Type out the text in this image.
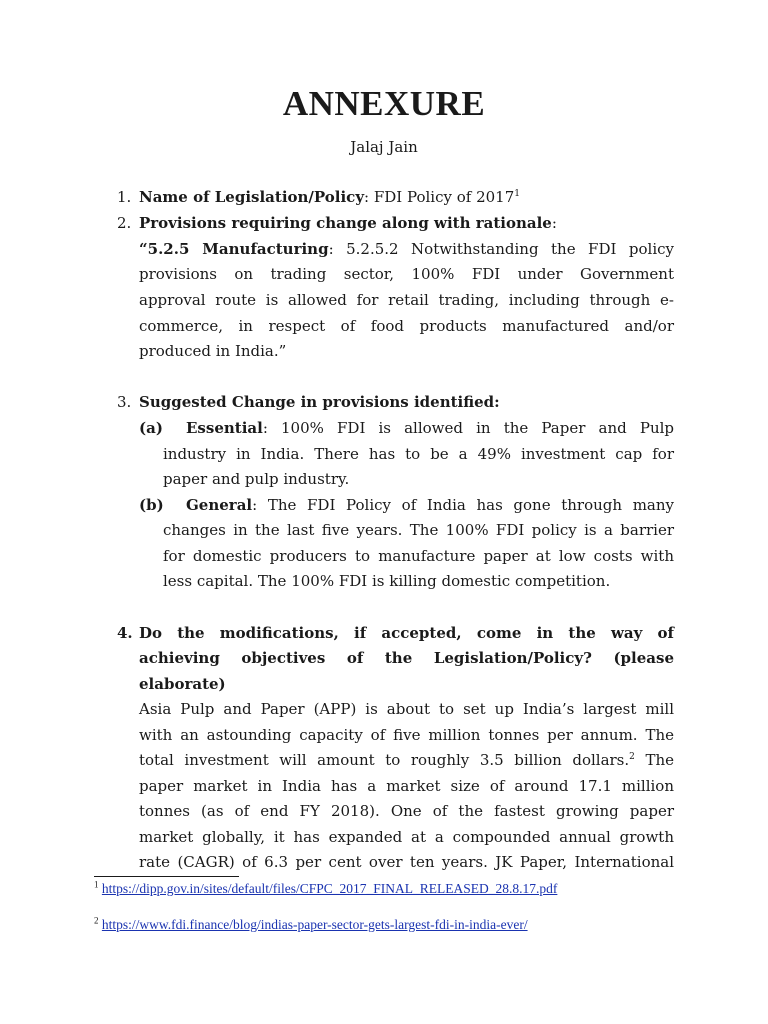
ANNEXURE
Jalaj Jain
1. Name of Legislation/Policy: FDI Policy of 2017$^1$
2. Provisions requiring change along with rationale:
“5.2.5 Manufacturing: 5.2.5.2 Notwithstanding the FDI policy
provisions on trading sector, 100% FDI under Government
approval route is allowed for retail trading, including through e-
commerce, in respect of food products manufactured and/or
produced in India.”
3. Suggested Change in provisions identified:
(a) Essential: 100% FDI is allowed in the Paper and Pulp
industry in India. There has to be a 49% investment cap for
paper and pulp industry.
(b) General: The FDI Policy of India has gone through many
changes in the last five years. The 100% FDI policy is a barrier
for domestic producers to manufacture paper at low costs with
less capital. The 100% FDI is killing domestic competition.
4. Do the modifications, if accepted, come in the way of
achieving objectives of the Legislation/Policy? (please
elaborate)
Asia Pulp and Paper (APP) is about to set up India’s largest mill
with an astounding capacity of five million tonnes per annum. The
total investment will amount to roughly 3.5 billion dollars.$^2$ The
paper market in India has a market size of around 17.1 million
tonnes (as of end FY 2018). One of the fastest growing paper
market globally, it has expanded at a compounded annual growth
rate (CAGR) of 6.3 per cent over ten years. JK Paper, International
$^1$ https://dipp.gov.in/sites/default/files/CFPC_2017_FINAL_RELEASED_28.8.17.pdf
$^2$ https://www.fdi.finance/blog/indias-paper-sector-gets-largest-fdi-in-india-ever/
